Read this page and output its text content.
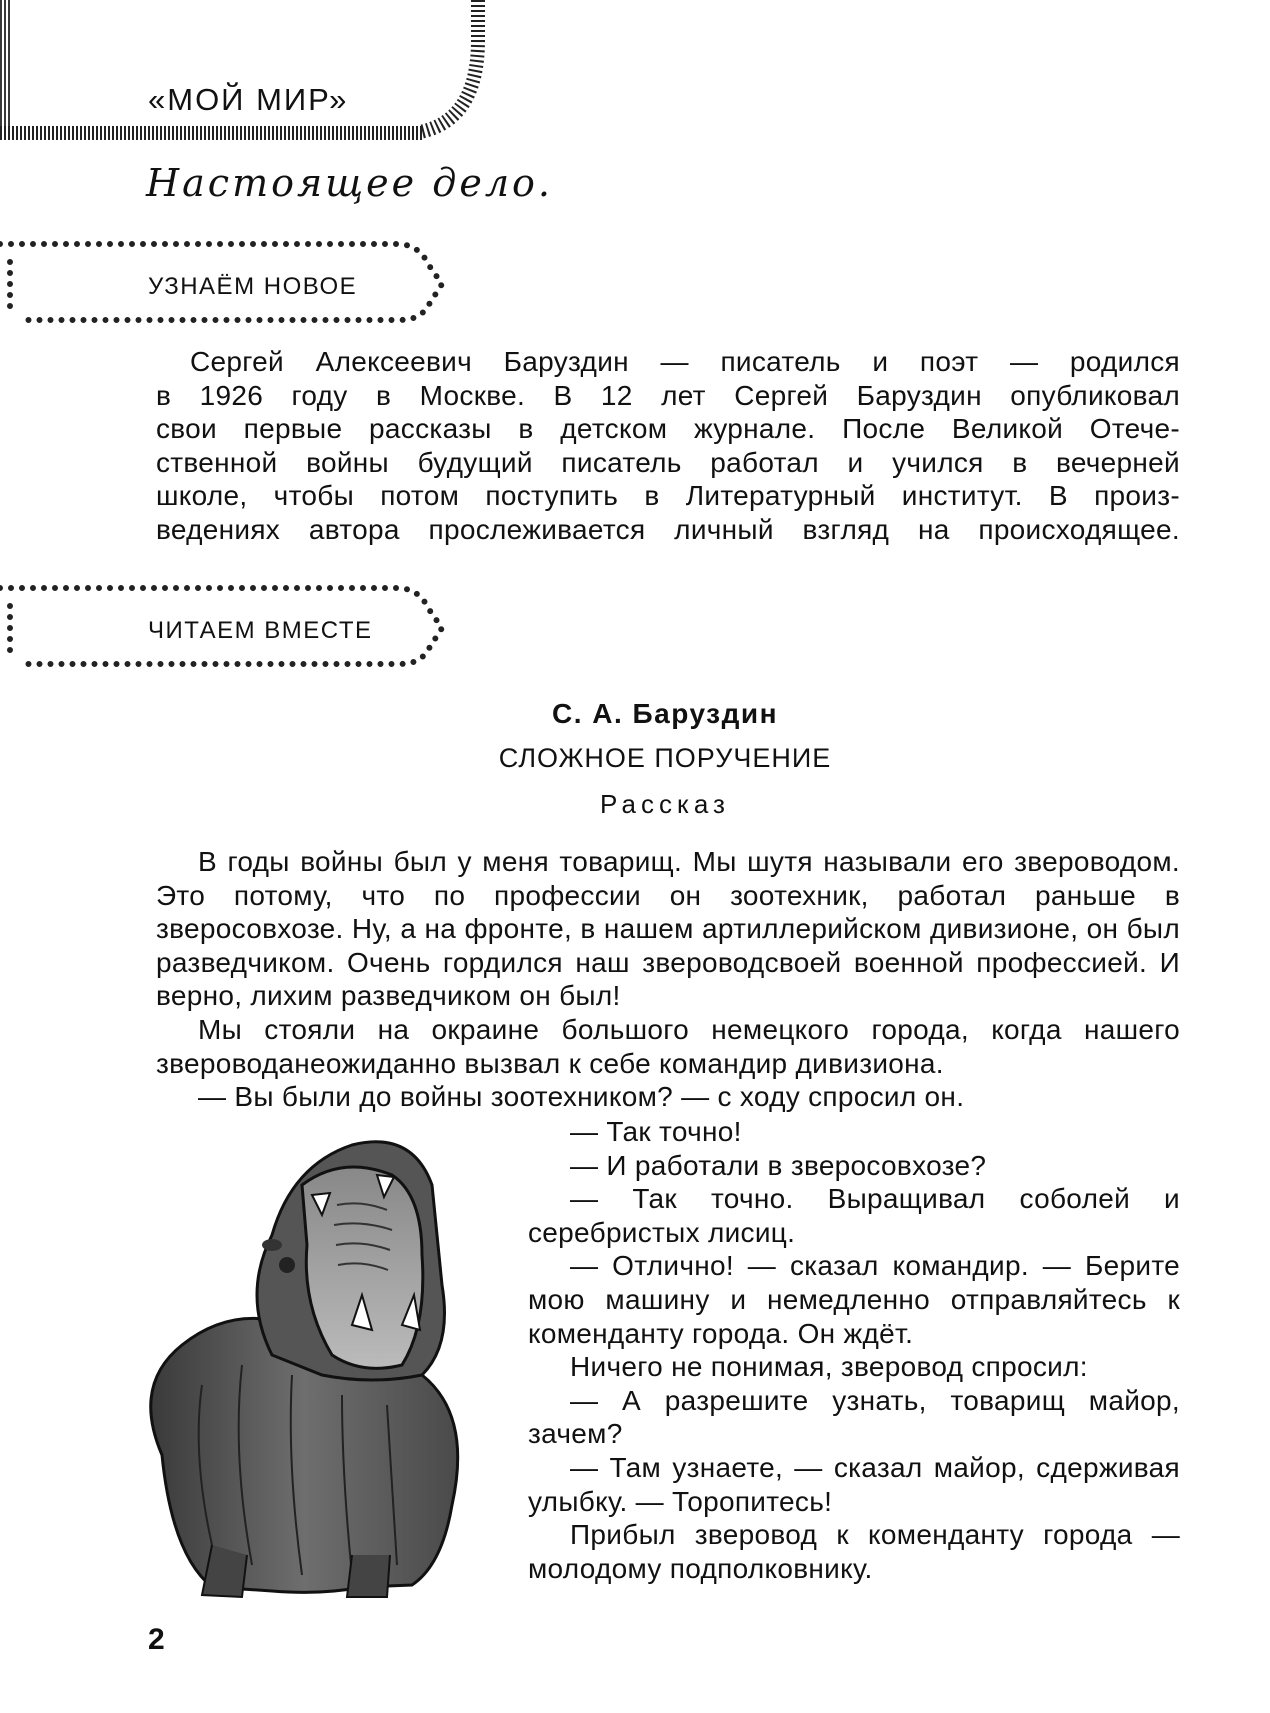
«МОЙ МИР»
Настоящее дело.
УЗНАЁМ НОВОЕ

Сергей Алексеевич Баруздин — писатель и поэт — родился

в 1926 году в Москве. В 12 лет Сергей Баруздин опубликовал

свои первые рассказы в детском журнале. После Великой Отече-

ственной войны будущий писатель работал и учился в вечерней

школе, чтобы потом поступить в Литературный институт. В произ-

ведениях автора прослеживается личный взгляд на происходящее.

ЧИТАЕМ ВМЕСТЕ
С. А. Баруздин
СЛОЖНОЕ ПОРУЧЕНИЕ
Рассказ

В годы войны был у меня товарищ. Мы шутя называли его звероводом. Это потому, что по профессии он зоотехник, работал раньше в зверосовхозе. Ну, а на фронте, в нашем артиллерийском дивизионе, он был разведчиком. Очень гордился наш звероводсвоей военной профессией. И верно, лихим разведчиком он был!

Мы стояли на окраине большого немецкого города, когда нашего звероводанеожиданно вызвал к себе командир дивизиона.

— Вы были до войны зоотехником? — с ходу спросил он.

— Так точно!

— И работали в зверосовхозе?

— Так точно. Выращивал соболей и серебристых лисиц.

— Отлично! — сказал командир. — Берите мою машину и немедленно отправляйтесь к коменданту города. Он ждёт.

Ничего не понимая, зверовод спросил:

— А разрешите узнать, товарищ майор, зачем?

— Там узнаете, — сказал майор, сдерживая улыбку. — Торопитесь!

Прибыл зверовод к коменданту города — молодому подполковнику.

2
